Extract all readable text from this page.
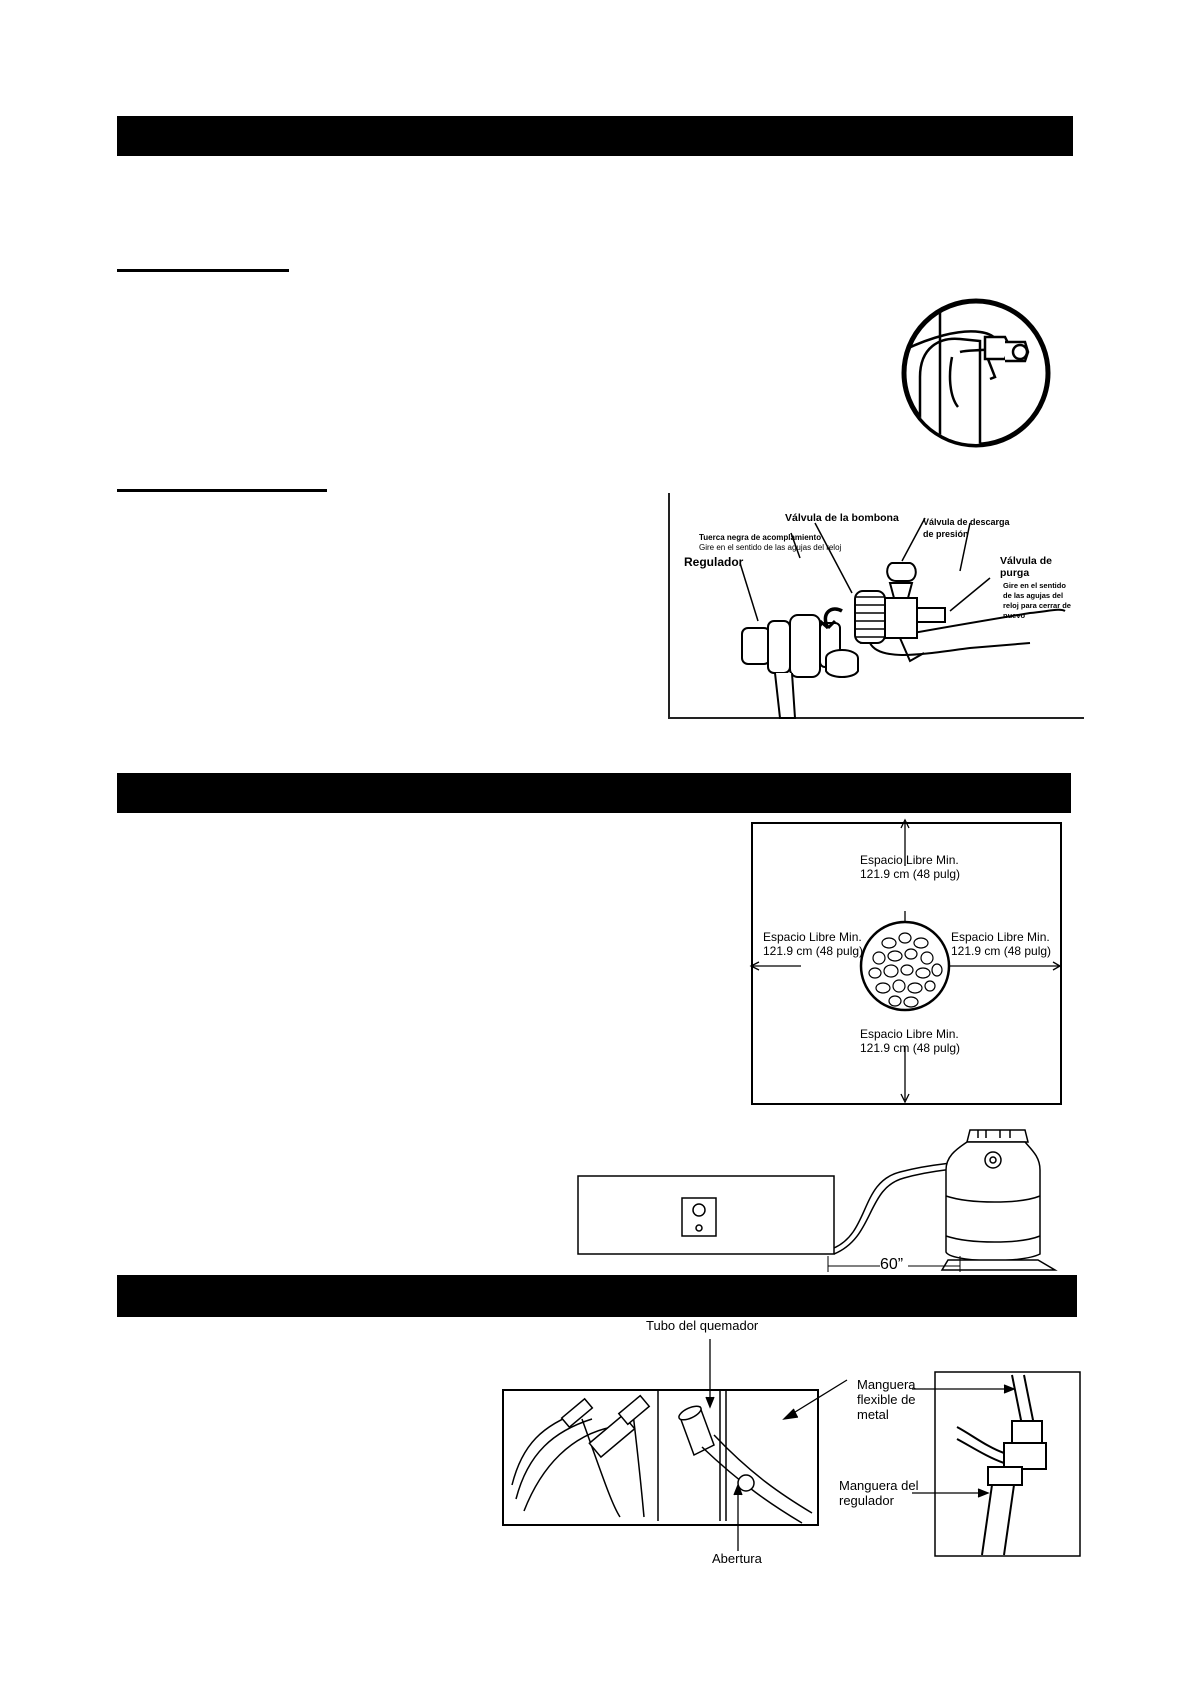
Válvula de la bombona
Tuerca negra de acomplamiento
Gire en el sentido de las agujas del reloj
Válvula de descarga
de presión
Regulador	Válvula de
purga
Gire en el sentido
de las agujas del
reloj para cerrar de
nuevo
Espacio Libre Min.
121.9 cm (48 pulg)
Espacio Libre Min.
121.9 cm (48 pulg)
Espacio Libre Min.
121.9 cm (48 pulg)
Espacio Libre Min.
121.9 cm (48 pulg)
60”
Tubo del quemador
Abertura
Manguera
flexible de
metal
Manguera del
regulador
